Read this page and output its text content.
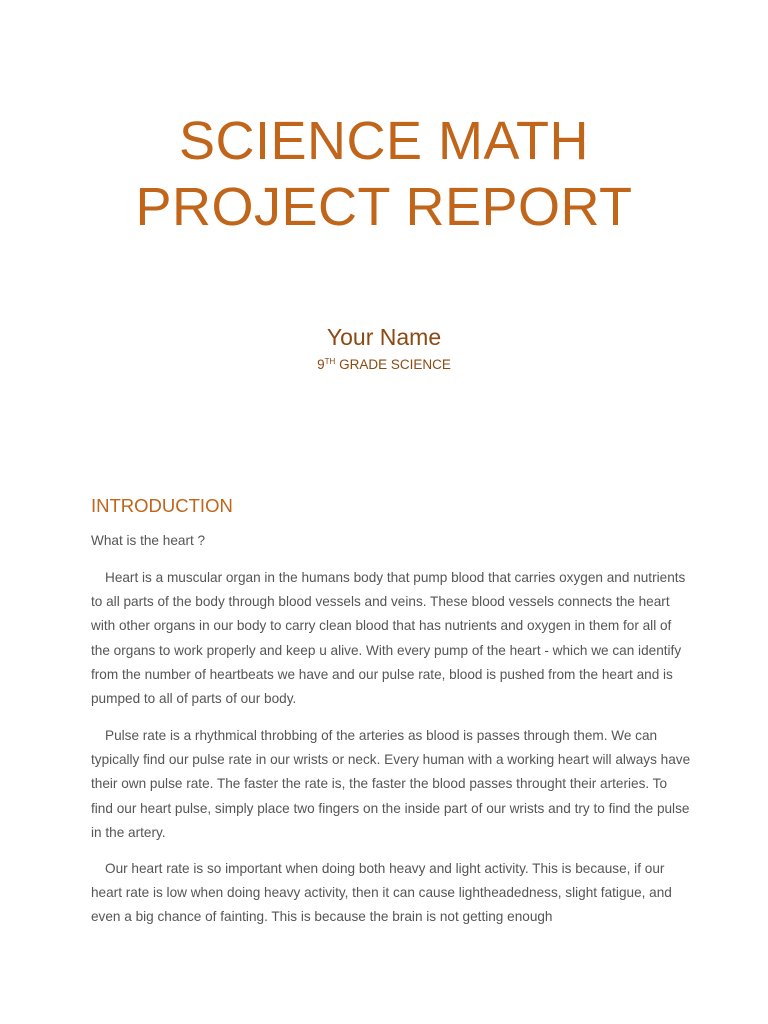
SCIENCE MATH
PROJECT REPORT
Your Name
9TH GRADE SCIENCE
INTRODUCTION

What is the heart ?

Heart is a muscular organ in the humans body that pump blood that carries oxygen and nutrients to all parts of the body through blood vessels and veins. These blood vessels connects the heart with other organs in our body to carry clean blood that has nutrients and oxygen in them for all of the organs to work properly and keep u alive. With every pump of the heart - which we can identify from the number of heartbeats we have and our pulse rate, blood is pushed from the heart and is pumped to all of parts of our body.

Pulse rate is a rhythmical throbbing of the arteries as blood is passes through them. We can typically find our pulse rate in our wrists or neck. Every human with a working heart will always have their own pulse rate. The faster the rate is, the faster the blood passes throught their arteries. To find our heart pulse, simply place two fingers on the inside part of our wrists and try to find the pulse in the artery.

Our heart rate is so important when doing both heavy and light activity. This is because, if our heart rate is low when doing heavy activity, then it can cause lightheadedness, slight fatigue, and even a big chance of fainting. This is because the brain is not getting enough
